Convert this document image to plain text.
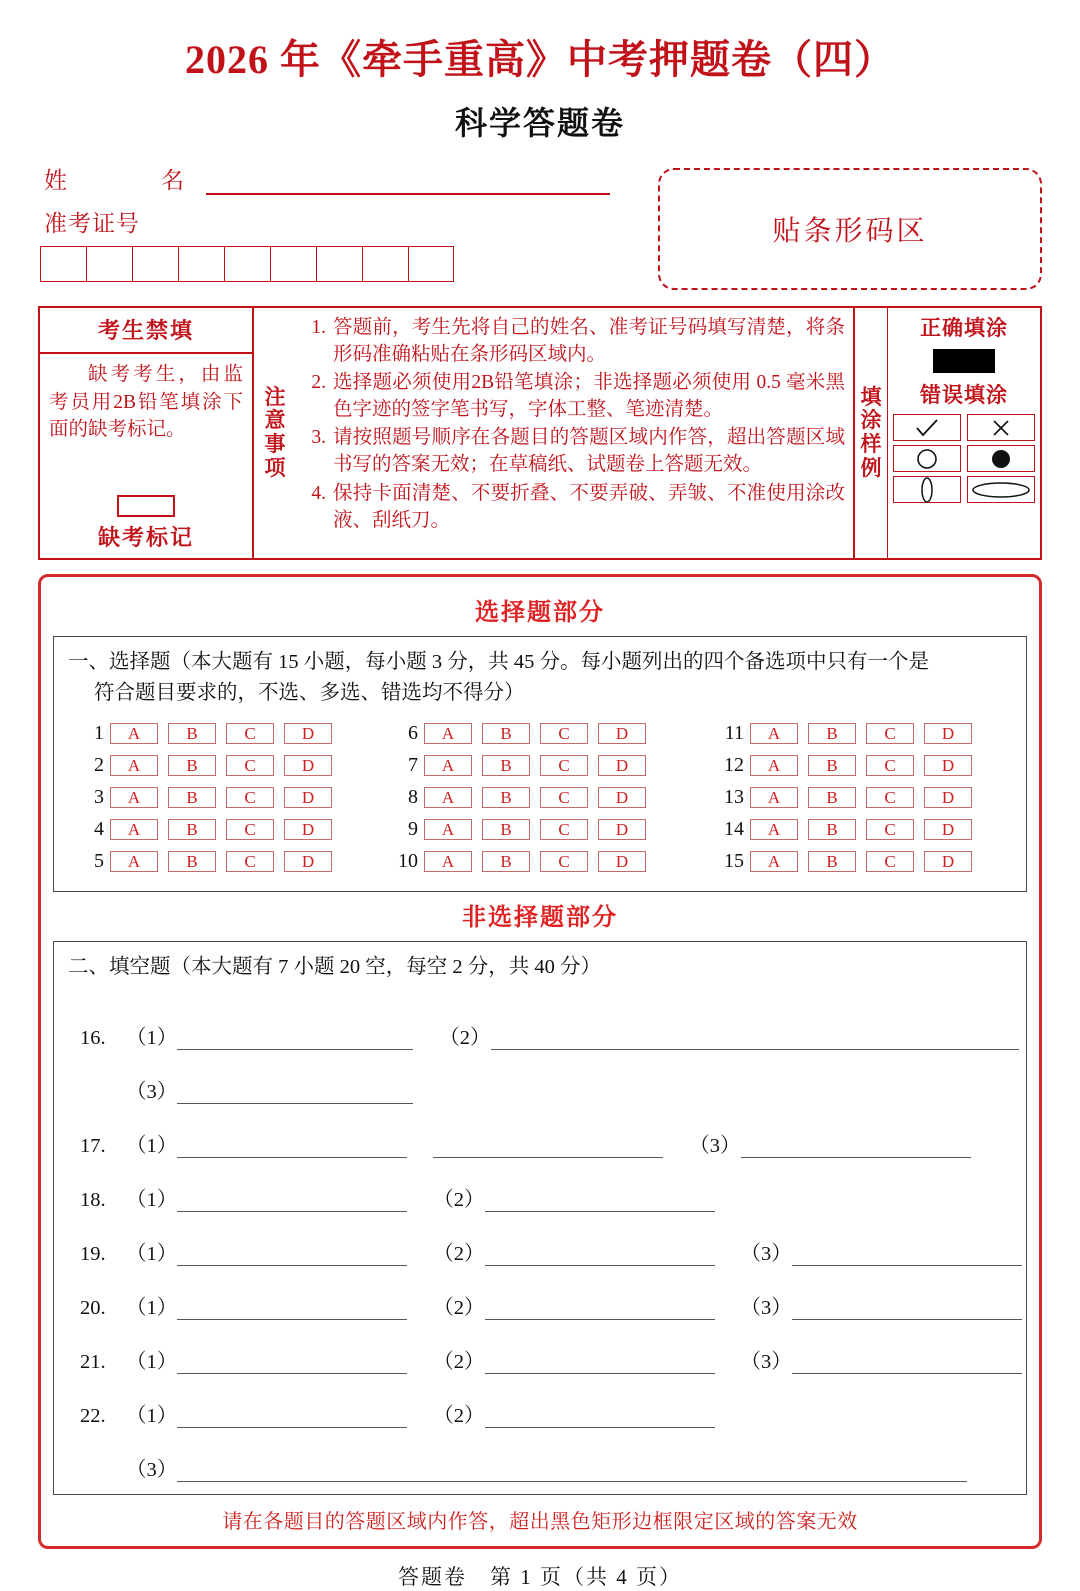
2026 年《牵手重高》中考押题卷（四）
科学答题卷
姓　　名
准考证号	贴条形码区
考生禁填
缺考考生，由监考员用2B铅笔填涂下面的缺考标记。
缺考标记
注
意
事
项
1. 答题前，考生先将自己的姓名、准考证号码填写清楚，将条形码准确粘贴在条形码区域内。
2. 选择题必须使用2B铅笔填涂；非选择题必须使用 0.5 毫米黑色字迹的签字笔书写，字体工整、笔迹清楚。
3. 请按照题号顺序在各题目的答题区域内作答，超出答题区域书写的答案无效；在草稿纸、试题卷上答题无效。
4. 保持卡面清楚、不要折叠、不要弄破、弄皱、不准使用涂改液、刮纸刀。
填
涂
样
例
正确填涂
错误填涂
选择题部分
一、选择题（本大题有 15 小题，每小题 3 分，共 45 分。每小题列出的四个备选项中只有一个是
符合题目要求的，不选、多选、错选均不得分）
1	A	B	C	D
2	A	B	C	D
3	A	B	C	D
4	A	B	C	D
5	A	B	C	D
6	A	B	C	D
7	A	B	C	D
8	A	B	C	D
9	A	B	C	D
10	A	B	C	D
11	A	B	C	D
12	A	B	C	D
13	A	B	C	D
14	A	B	C	D
15	A	B	C	D
非选择题部分
二、填空题（本大题有 7 小题 20 空，每空 2 分，共 40 分）
16. （1）	（2）
（3）
17. （1）	（3）
18. （1）	（2）
19. （1）	（2）	（3）
20. （1）	（2）	（3）
21. （1）	（2）	（3）
22. （1）	（2）
（3）
请在各题目的答题区域内作答，超出黑色矩形边框限定区域的答案无效
答题卷　第 1 页（共 4 页）
